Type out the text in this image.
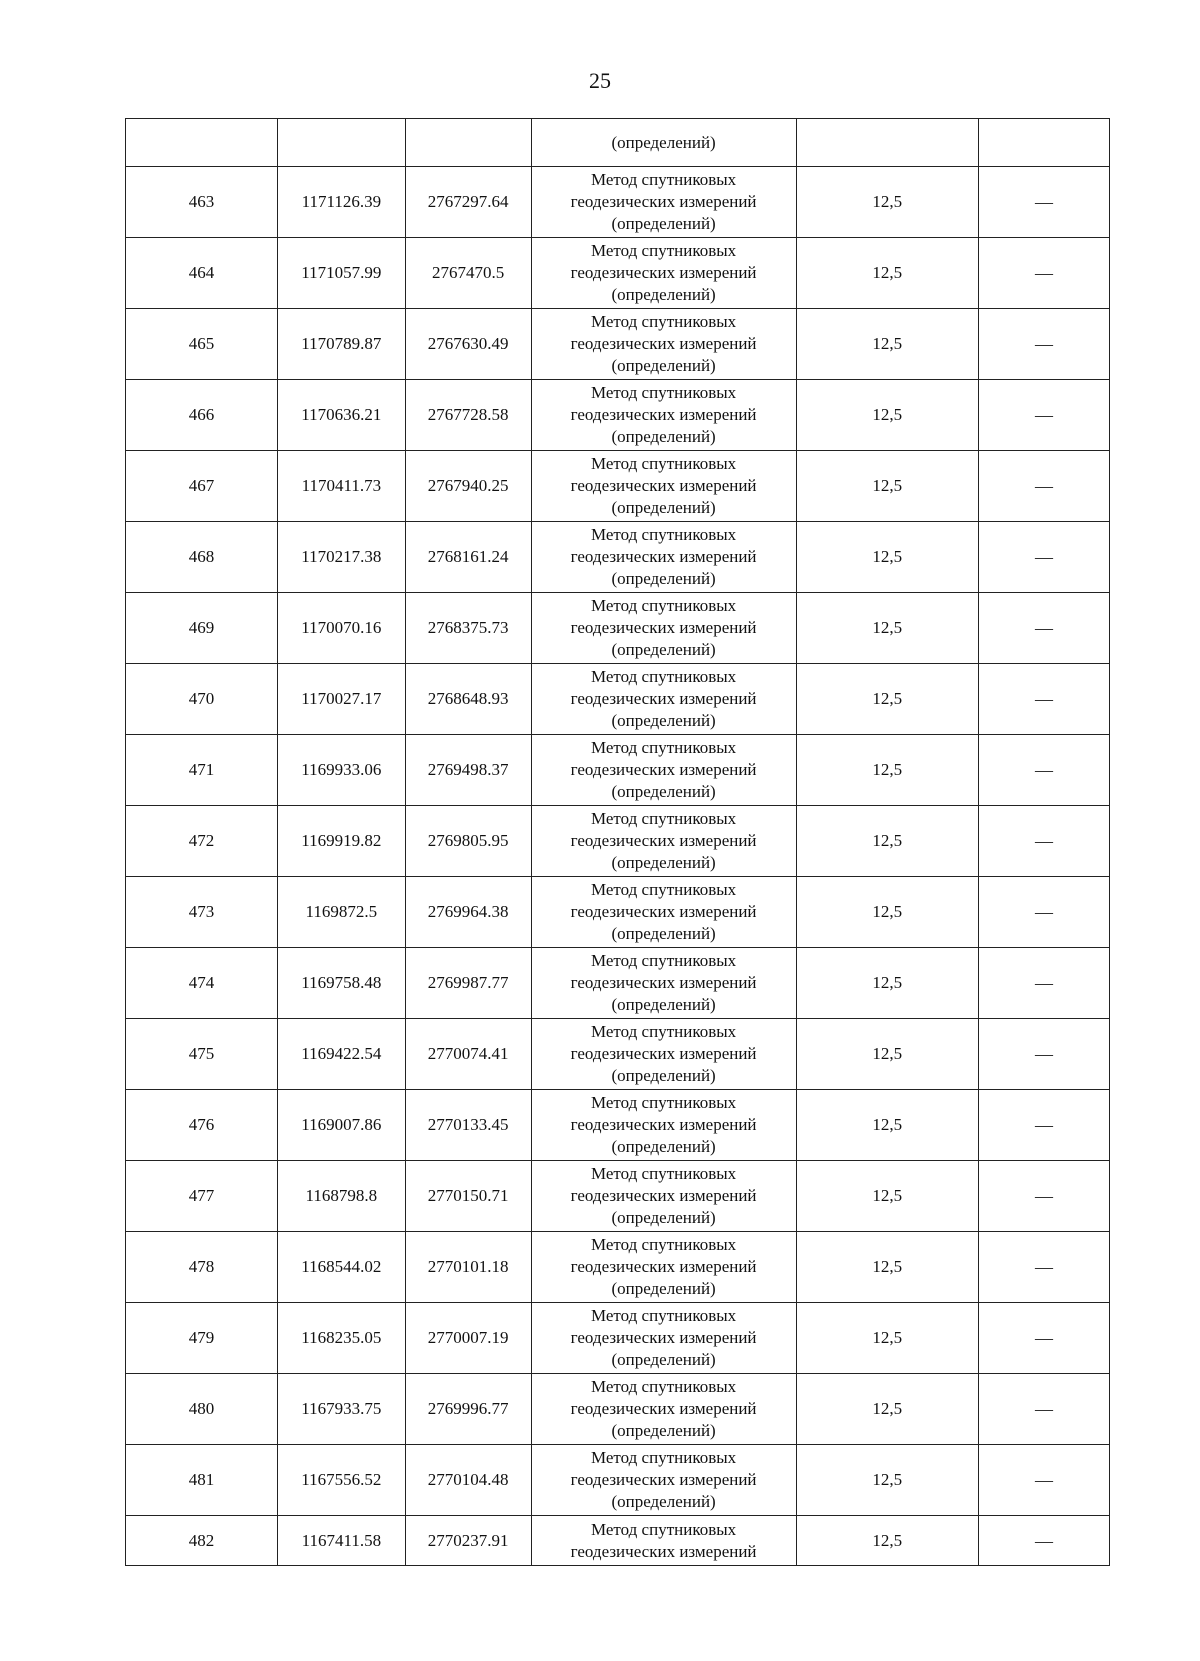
25

			(определений)		

463	1171126.39	2767297.64	Метод спутниковых
геодезических измерений
(определений)	12,5	—
464	1171057.99	2767470.5	Метод спутниковых
геодезических измерений
(определений)	12,5	—
465	1170789.87	2767630.49	Метод спутниковых
геодезических измерений
(определений)	12,5	—
466	1170636.21	2767728.58	Метод спутниковых
геодезических измерений
(определений)	12,5	—
467	1170411.73	2767940.25	Метод спутниковых
геодезических измерений
(определений)	12,5	—
468	1170217.38	2768161.24	Метод спутниковых
геодезических измерений
(определений)	12,5	—
469	1170070.16	2768375.73	Метод спутниковых
геодезических измерений
(определений)	12,5	—
470	1170027.17	2768648.93	Метод спутниковых
геодезических измерений
(определений)	12,5	—
471	1169933.06	2769498.37	Метод спутниковых
геодезических измерений
(определений)	12,5	—
472	1169919.82	2769805.95	Метод спутниковых
геодезических измерений
(определений)	12,5	—
473	1169872.5	2769964.38	Метод спутниковых
геодезических измерений
(определений)	12,5	—
474	1169758.48	2769987.77	Метод спутниковых
геодезических измерений
(определений)	12,5	—
475	1169422.54	2770074.41	Метод спутниковых
геодезических измерений
(определений)	12,5	—
476	1169007.86	2770133.45	Метод спутниковых
геодезических измерений
(определений)	12,5	—
477	1168798.8	2770150.71	Метод спутниковых
геодезических измерений
(определений)	12,5	—
478	1168544.02	2770101.18	Метод спутниковых
геодезических измерений
(определений)	12,5	—
479	1168235.05	2770007.19	Метод спутниковых
геодезических измерений
(определений)	12,5	—
480	1167933.75	2769996.77	Метод спутниковых
геодезических измерений
(определений)	12,5	—
481	1167556.52	2770104.48	Метод спутниковых
геодезических измерений
(определений)	12,5	—
482	1167411.58	2770237.91	Метод спутниковых
геодезических измерений	12,5	—
